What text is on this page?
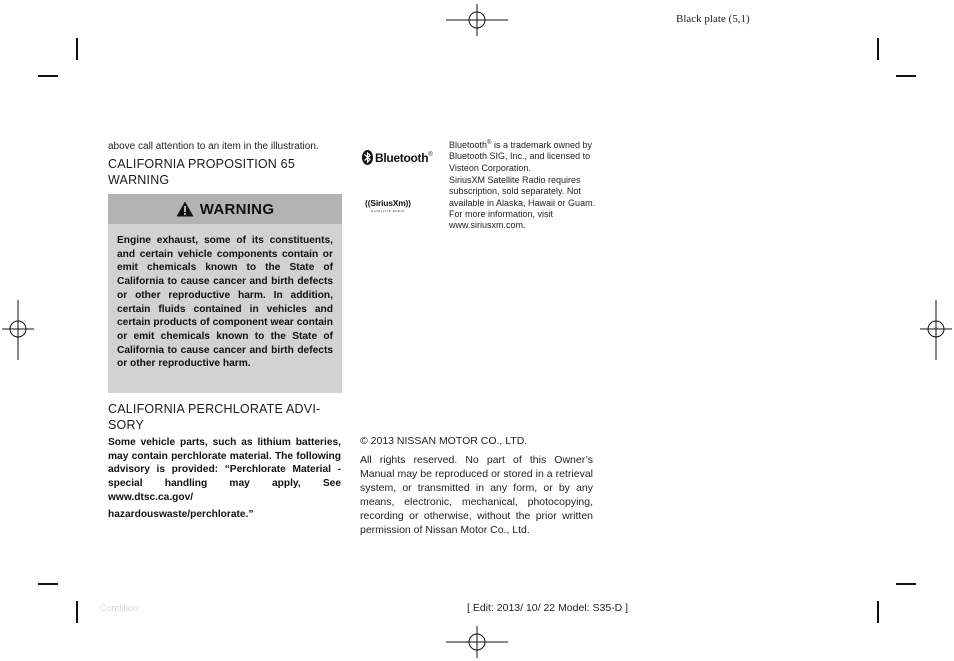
Black plate (5,1)
above call attention to an item in the illustration.
CALIFORNIA PROPOSITION 65
WARNING
WARNING
Engine exhaust, some of its constituents, and certain vehicle components contain or emit chemicals known to the State of California to cause cancer and birth defects or other reproductive harm. In addition, certain fluids contained in vehicles and certain products of component wear contain or emit chemicals known to the State of California to cause cancer and birth defects or other reproductive harm.
CALIFORNIA PERCHLORATE ADVI-
SORY
Some vehicle parts, such as lithium batteries, may contain perchlorate material. The following advisory is provided: “Perchlorate Material - special handling may apply, See www.dtsc.ca.gov/
hazardouswaste/perchlorate.”
Bluetooth ®
(( SiriusXm ))
SATELLITE RADIO
Bluetooth® is a trademark owned by Bluetooth SIG, Inc., and licensed to Visteon Corporation.
SiriusXM Satellite Radio requires subscription, sold separately. Not available in Alaska, Hawaii or Guam. For more information, visit www.siriusxm.com.
© 2013 NISSAN MOTOR CO., LTD.
All rights reserved. No part of this Owner’s Manual may be reproduced or stored in a retrieval system, or transmitted in any form, or by any means, electronic, mechanical, photocopying, recording or otherwise, without the prior written permission of Nissan Motor Co., Ltd.
Condition:	[ Edit: 2013/ 10/ 22 Model: S35-D ]
